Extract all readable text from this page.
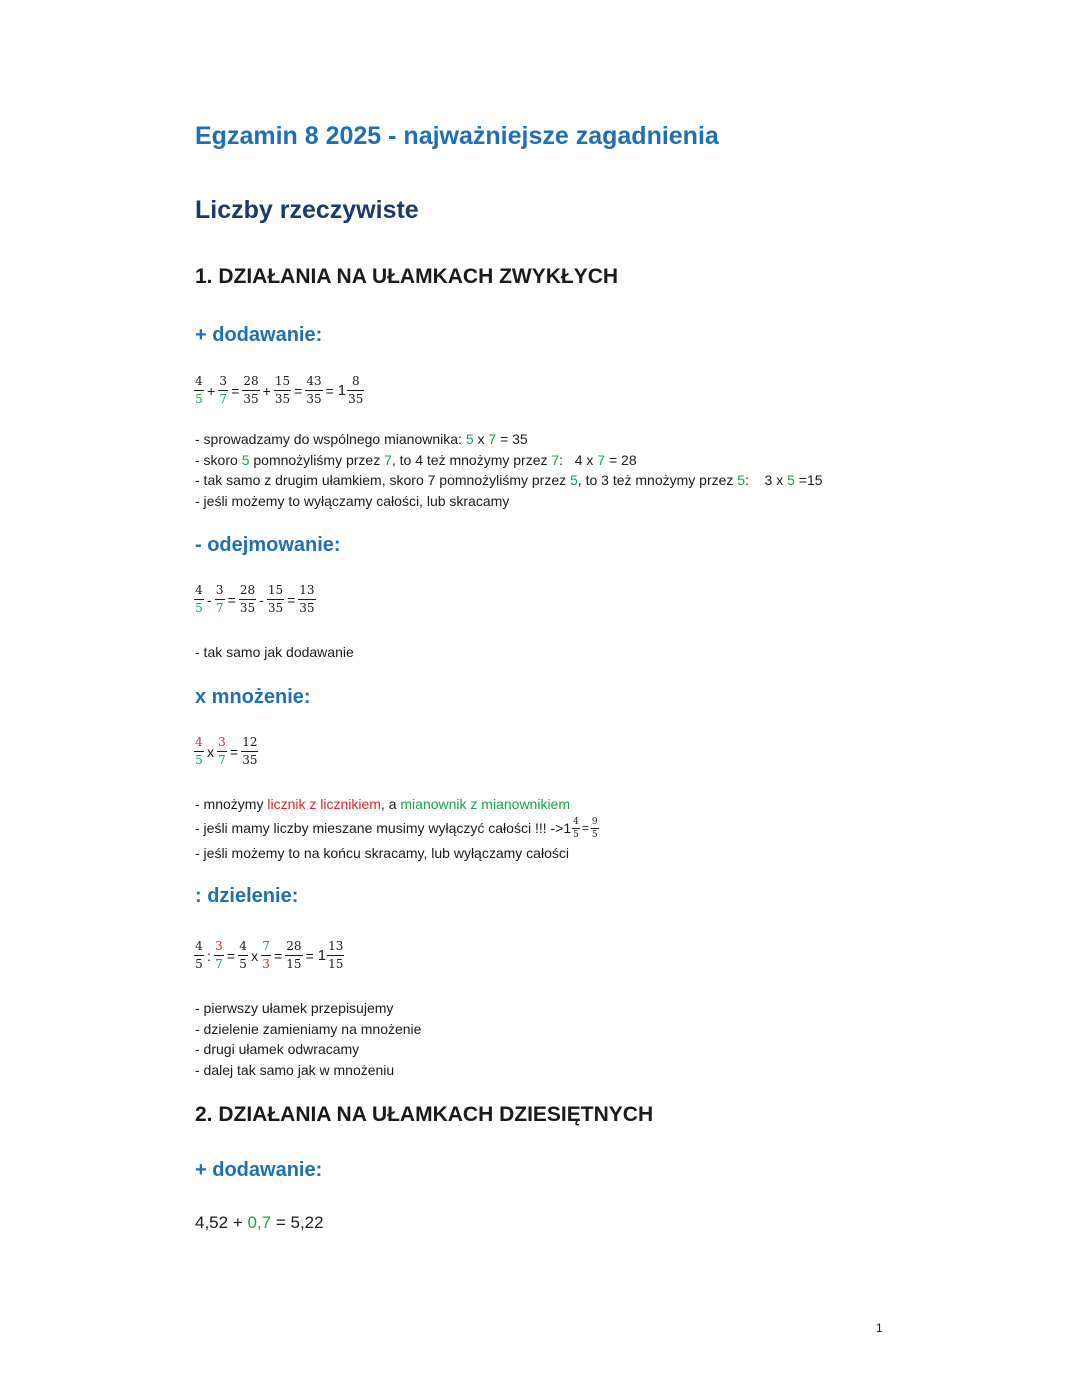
Egzamin 8 2025 - najważniejsze zagadnienia
Liczby rzeczywiste
1. DZIAŁANIA NA UŁAMKACH ZWYKŁYCH
+ dodawanie:
$\frac{4}{5} + \frac{3}{7} = \frac{28}{35} + \frac{15}{35} = \frac{43}{35} = 1 \frac{8}{35}$
- sprowadzamy do wspólnego mianownika: 5 x 7 = 35
- skoro 5 pomnożyliśmy przez 7, to 4 też mnożymy przez 7:   4 x 7 = 28
- tak samo z drugim ułamkiem, skoro 7 pomnożyliśmy przez 5, to 3 też mnożymy przez 5:    3 x 5 =15
- jeśli możemy to wyłączamy całości, lub skracamy
- odejmowanie:
$\frac{4}{5} - \frac{3}{7} = \frac{28}{35} - \frac{15}{35} = \frac{13}{35}$
- tak samo jak dodawanie
x mnożenie:
$\frac{4}{5}$ x $\frac{3}{7} = \frac{12}{35}$
- mnożymy licznik z licznikiem, a mianownik z mianownikiem
- jeśli mamy liczby mieszane musimy wyłączyć całości !!! -> $1 \frac{4}{5} = \frac{9}{5}$
- jeśli możemy to na końcu skracamy, lub wyłączamy całości
: dzielenie:
$\frac{4}{5}$ : $\frac{3}{7} = \frac{4}{5}$ x $\frac{7}{3} = \frac{28}{15} = 1 \frac{13}{15}$
- pierwszy ułamek przepisujemy
- dzielenie zamieniamy na mnożenie
- drugi ułamek odwracamy
- dalej tak samo jak w mnożeniu
2. DZIAŁANIA NA UŁAMKACH DZIESIĘTNYCH
+ dodawanie:
4,52 + 0,7 = 5,22
1
